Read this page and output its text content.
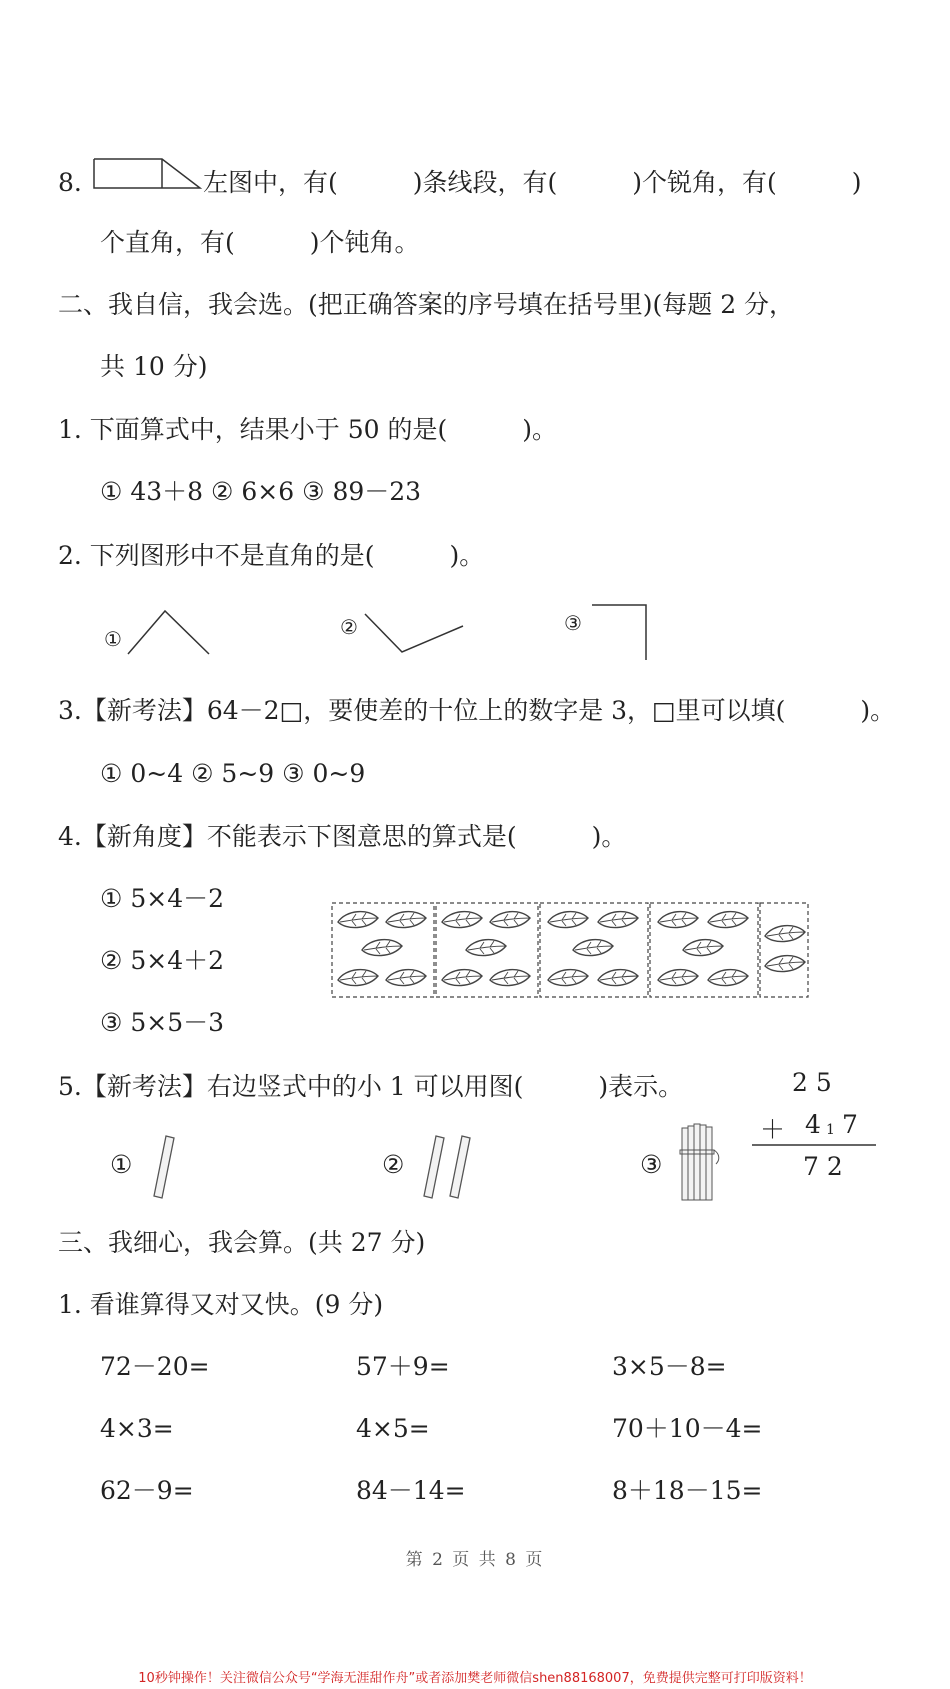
8.	左图中，有(　　　)条线段，有(　　　)个锐角，有(　　　)
个直角，有(　　　)个钝角。
二、我自信，我会选。(把正确答案的序号填在括号里)(每题 2 分，
共 10 分)
1. 下面算式中，结果小于 50 的是(　　　)。
① 43＋8 ② 6×6 ③ 89－23
2. 下列图形中不是直角的是(　　　)。
①	②	③
3.【新考法】64－2□，要使差的十位上的数字是 3，□里可以填(　　　)。
① 0~4 ② 5~9 ③ 0~9
4.【新角度】不能表示下图意思的算式是(　　　)。
① 5×4－2
② 5×4＋2
③ 5×5－3
5.【新考法】右边竖式中的小 1 可以用图(　　　)表示。	2 5
＋ 4 1 7
7 2
①	②	③
三、我细心，我会算。(共 27 分)
1. 看谁算得又对又快。(9 分)
72－20=	57＋9=	3×5－8=
4×3=	4×5=	70＋10－4=
62－9=	84－14=	8＋18－15=
第 2 页 共 8 页
10秒钟操作！关注微信公众号“学海无涯甜作舟”或者添加樊老师微信shen88168007，免费提供完整可打印版资料！
